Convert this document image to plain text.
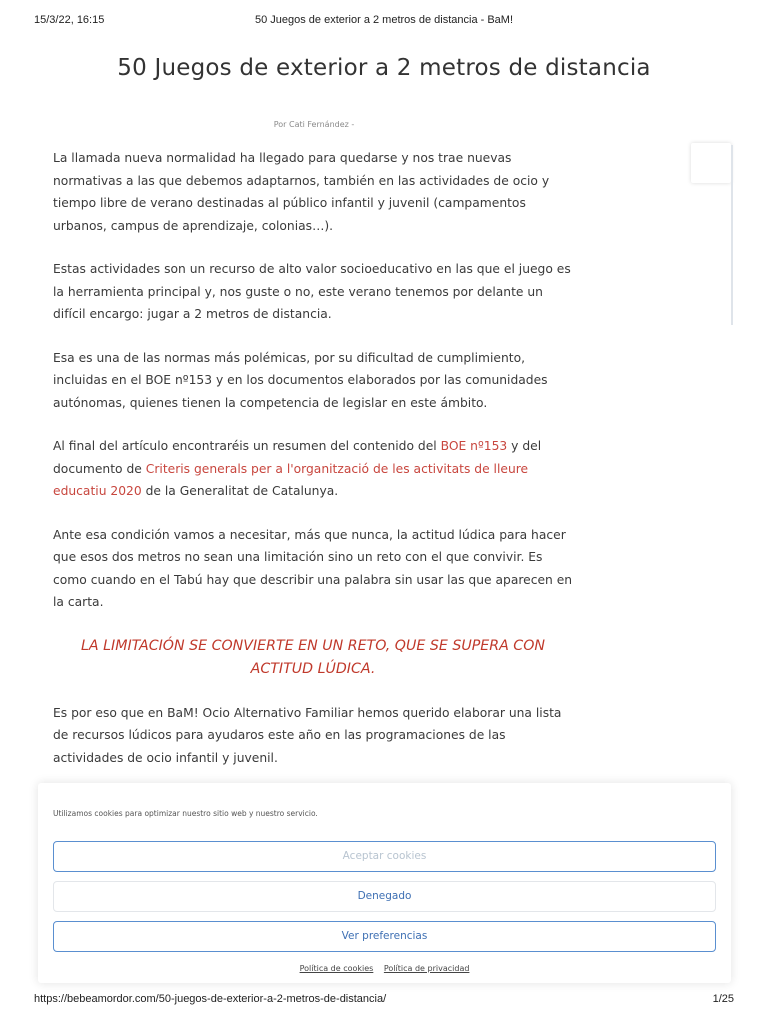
15/3/22, 16:15	50 Juegos de exterior a 2 metros de distancia - BaM!
50 Juegos de exterior a 2 metros de distancia
Por Cati Fernández -

La llamada nueva normalidad ha llegado para quedarse y nos trae nuevas normativas a las que debemos adaptarnos, también en las actividades de ocio y tiempo libre de verano destinadas al público infantil y juvenil (campamentos urbanos, campus de aprendizaje, colonias…).

Estas actividades son un recurso de alto valor socioeducativo en las que el juego es la herramienta principal y, nos guste o no, este verano tenemos por delante un difícil encargo: jugar a 2 metros de distancia.

Esa es una de las normas más polémicas, por su dificultad de cumplimiento, incluidas en el BOE nº153 y en los documentos elaborados por las comunidades autónomas, quienes tienen la competencia de legislar en este ámbito.

Al final del artículo encontraréis un resumen del contenido del BOE nº153 y del documento de Criteris generals per a l'organització de les activitats de lleure educatiu 2020 de la Generalitat de Catalunya.

Ante esa condición vamos a necesitar, más que nunca, la actitud lúdica para hacer que esos dos metros no sean una limitación sino un reto con el que convivir. Es como cuando en el Tabú hay que describir una palabra sin usar las que aparecen en la carta.

LA LIMITACIÓN SE CONVIERTE EN UN RETO, QUE SE SUPERA CON ACTITUD LÚDICA.

Es por eso que en BaM! Ocio Alternativo Familiar hemos querido elaborar una lista de recursos lúdicos para ayudaros este año en las programaciones de las actividades de ocio infantil y juvenil.

Utilizamos cookies para optimizar nuestro sitio web y nuestro servicio.
Aceptar cookies
Denegado
Ver preferencias
Política de cookies Política de privacidad
https://bebeamordor.com/50-juegos-de-exterior-a-2-metros-de-distancia/	1/25
